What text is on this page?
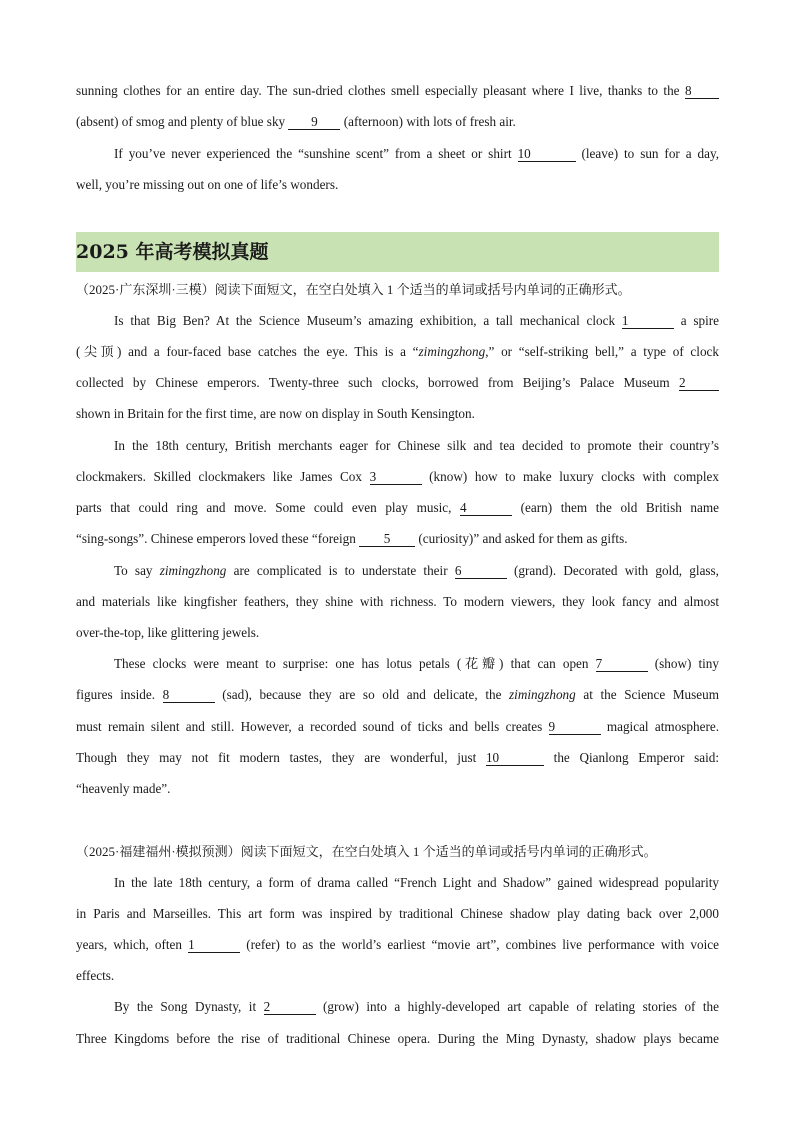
sunning clothes for an entire day. The sun-dried clothes smell especially pleasant where I live, thanks to the 8
(absent) of smog and plenty of blue sky 9 (afternoon) with lots of fresh air.
If you’ve never experienced the “sunshine scent” from a sheet or shirt 10	(leave) to sun for a day,
well, you’re missing out on one of life’s wonders.
2025 年高考模拟真题
（2025·广东深圳·三模）阅读下面短文，在空白处填入 1 个适当的单词或括号内单词的正确形式。
Is that Big Ben? At the Science Museum’s amazing exhibition, a tall mechanical clock 1	a spire
(尖顶) and a four-faced base catches the eye. This is a “zimingzhong,” or “self-striking bell,” a type of clock
collected by Chinese emperors. Twenty-three such clocks, borrowed from Beijing’s Palace Museum 2
shown in Britain for the first time, are now on display in South Kensington.
In the 18th century, British merchants eager for Chinese silk and tea decided to promote their country’s
clockmakers. Skilled clockmakers like James Cox 3	(know) how to make luxury clocks with complex
parts that could ring and move. Some could even play music, 4	(earn) them the old British name
“sing-songs”. Chinese emperors loved these “foreign 5 (curiosity)” and asked for them as gifts.
To say zimingzhong are complicated is to understate their 6	(grand). Decorated with gold, glass,
and materials like kingfisher feathers, they shine with richness. To modern viewers, they look fancy and almost
over-the-top, like glittering jewels.
These clocks were meant to surprise: one has lotus petals (花瓣) that can open 7	(show) tiny
figures inside. 8	(sad), because they are so old and delicate, the zimingzhong at the Science Museum
must remain silent and still. However, a recorded sound of ticks and bells creates 9	magical atmosphere.
Though they may not fit modern tastes, they are wonderful, just 10	the Qianlong Emperor said:
“heavenly made”.
（2025·福建福州·模拟预测）阅读下面短文，在空白处填入 1 个适当的单词或括号内单词的正确形式。
In the late 18th century, a form of drama called “French Light and Shadow” gained widespread popularity
in Paris and Marseilles. This art form was inspired by traditional Chinese shadow play dating back over 2,000
years, which, often 1	(refer) to as the world’s earliest “movie art”, combines live performance with voice
effects.
By the Song Dynasty, it 2	(grow) into a highly-developed art capable of relating stories of the
Three Kingdoms before the rise of traditional Chinese opera. During the Ming Dynasty, shadow plays became
